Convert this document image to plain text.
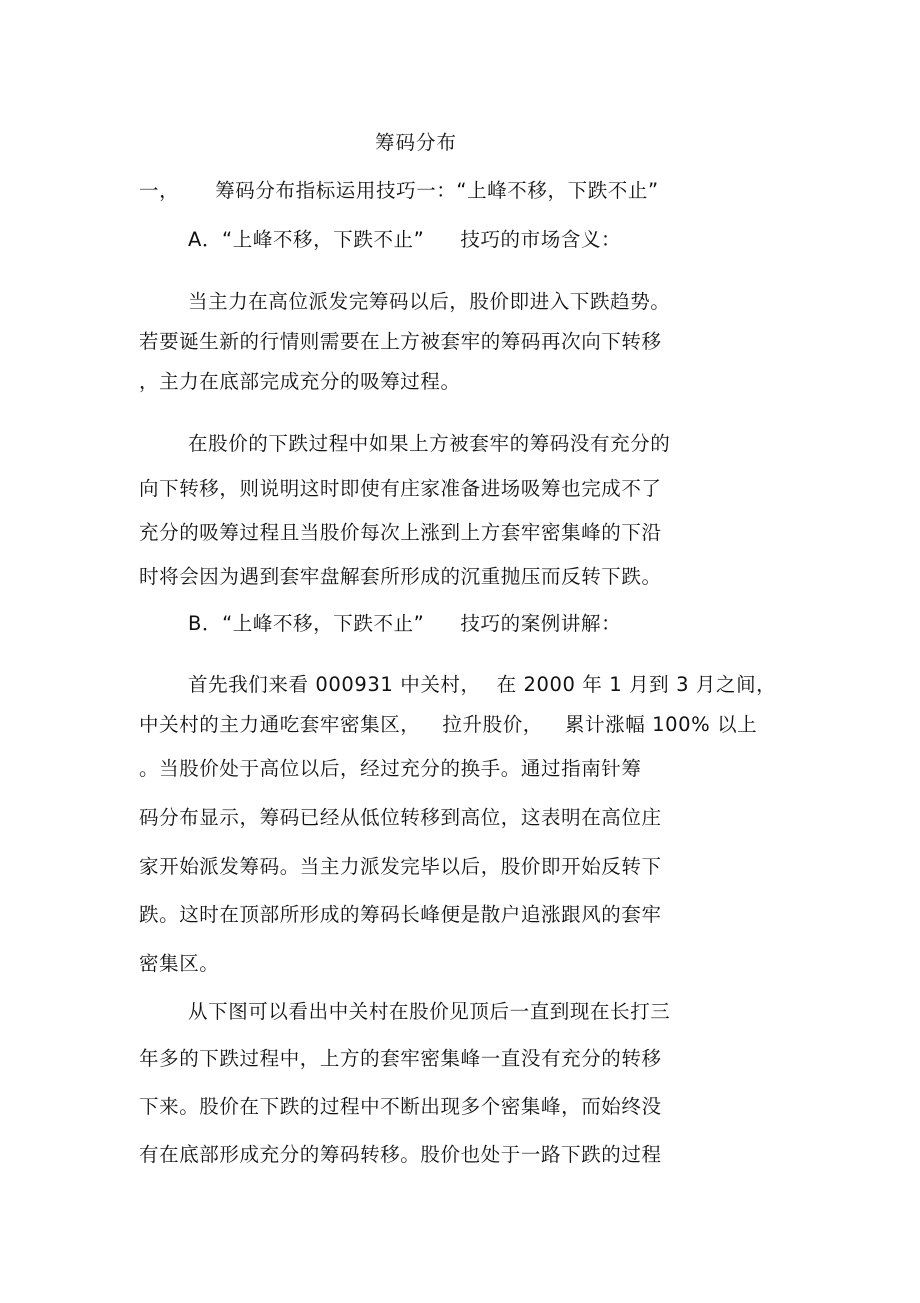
筹码分布
一， 筹码分布指标运用技巧一：“上峰不移，下跌不止”
A．“上峰不移，下跌不止” 技巧的市场含义：
当主力在高位派发完筹码以后，股价即进入下跌趋势。
若要诞生新的行情则需要在上方被套牢的筹码再次向下转移
，主力在底部完成充分的吸筹过程。
在股价的下跌过程中如果上方被套牢的筹码没有充分的
向下转移，则说明这时即使有庄家准备进场吸筹也完成不了
充分的吸筹过程且当股价每次上涨到上方套牢密集峰的下沿
时将会因为遇到套牢盘解套所形成的沉重抛压而反转下跌。
B．“上峰不移，下跌不止” 技巧的案例讲解：
首先我们来看 000931 中关村， 在 2000 年 1 月到 3 月之间，
中关村的主力通吃套牢密集区， 拉升股价， 累计涨幅 100% 以上
。当股价处于高位以后，经过充分的换手。通过指南针筹
码分布显示，筹码已经从低位转移到高位，这表明在高位庄
家开始派发筹码。当主力派发完毕以后，股价即开始反转下
跌。这时在顶部所形成的筹码长峰便是散户追涨跟风的套牢
密集区。
从下图可以看出中关村在股价见顶后一直到现在长打三
年多的下跌过程中，上方的套牢密集峰一直没有充分的转移
下来。股价在下跌的过程中不断出现多个密集峰，而始终没
有在底部形成充分的筹码转移。股价也处于一路下跌的过程
